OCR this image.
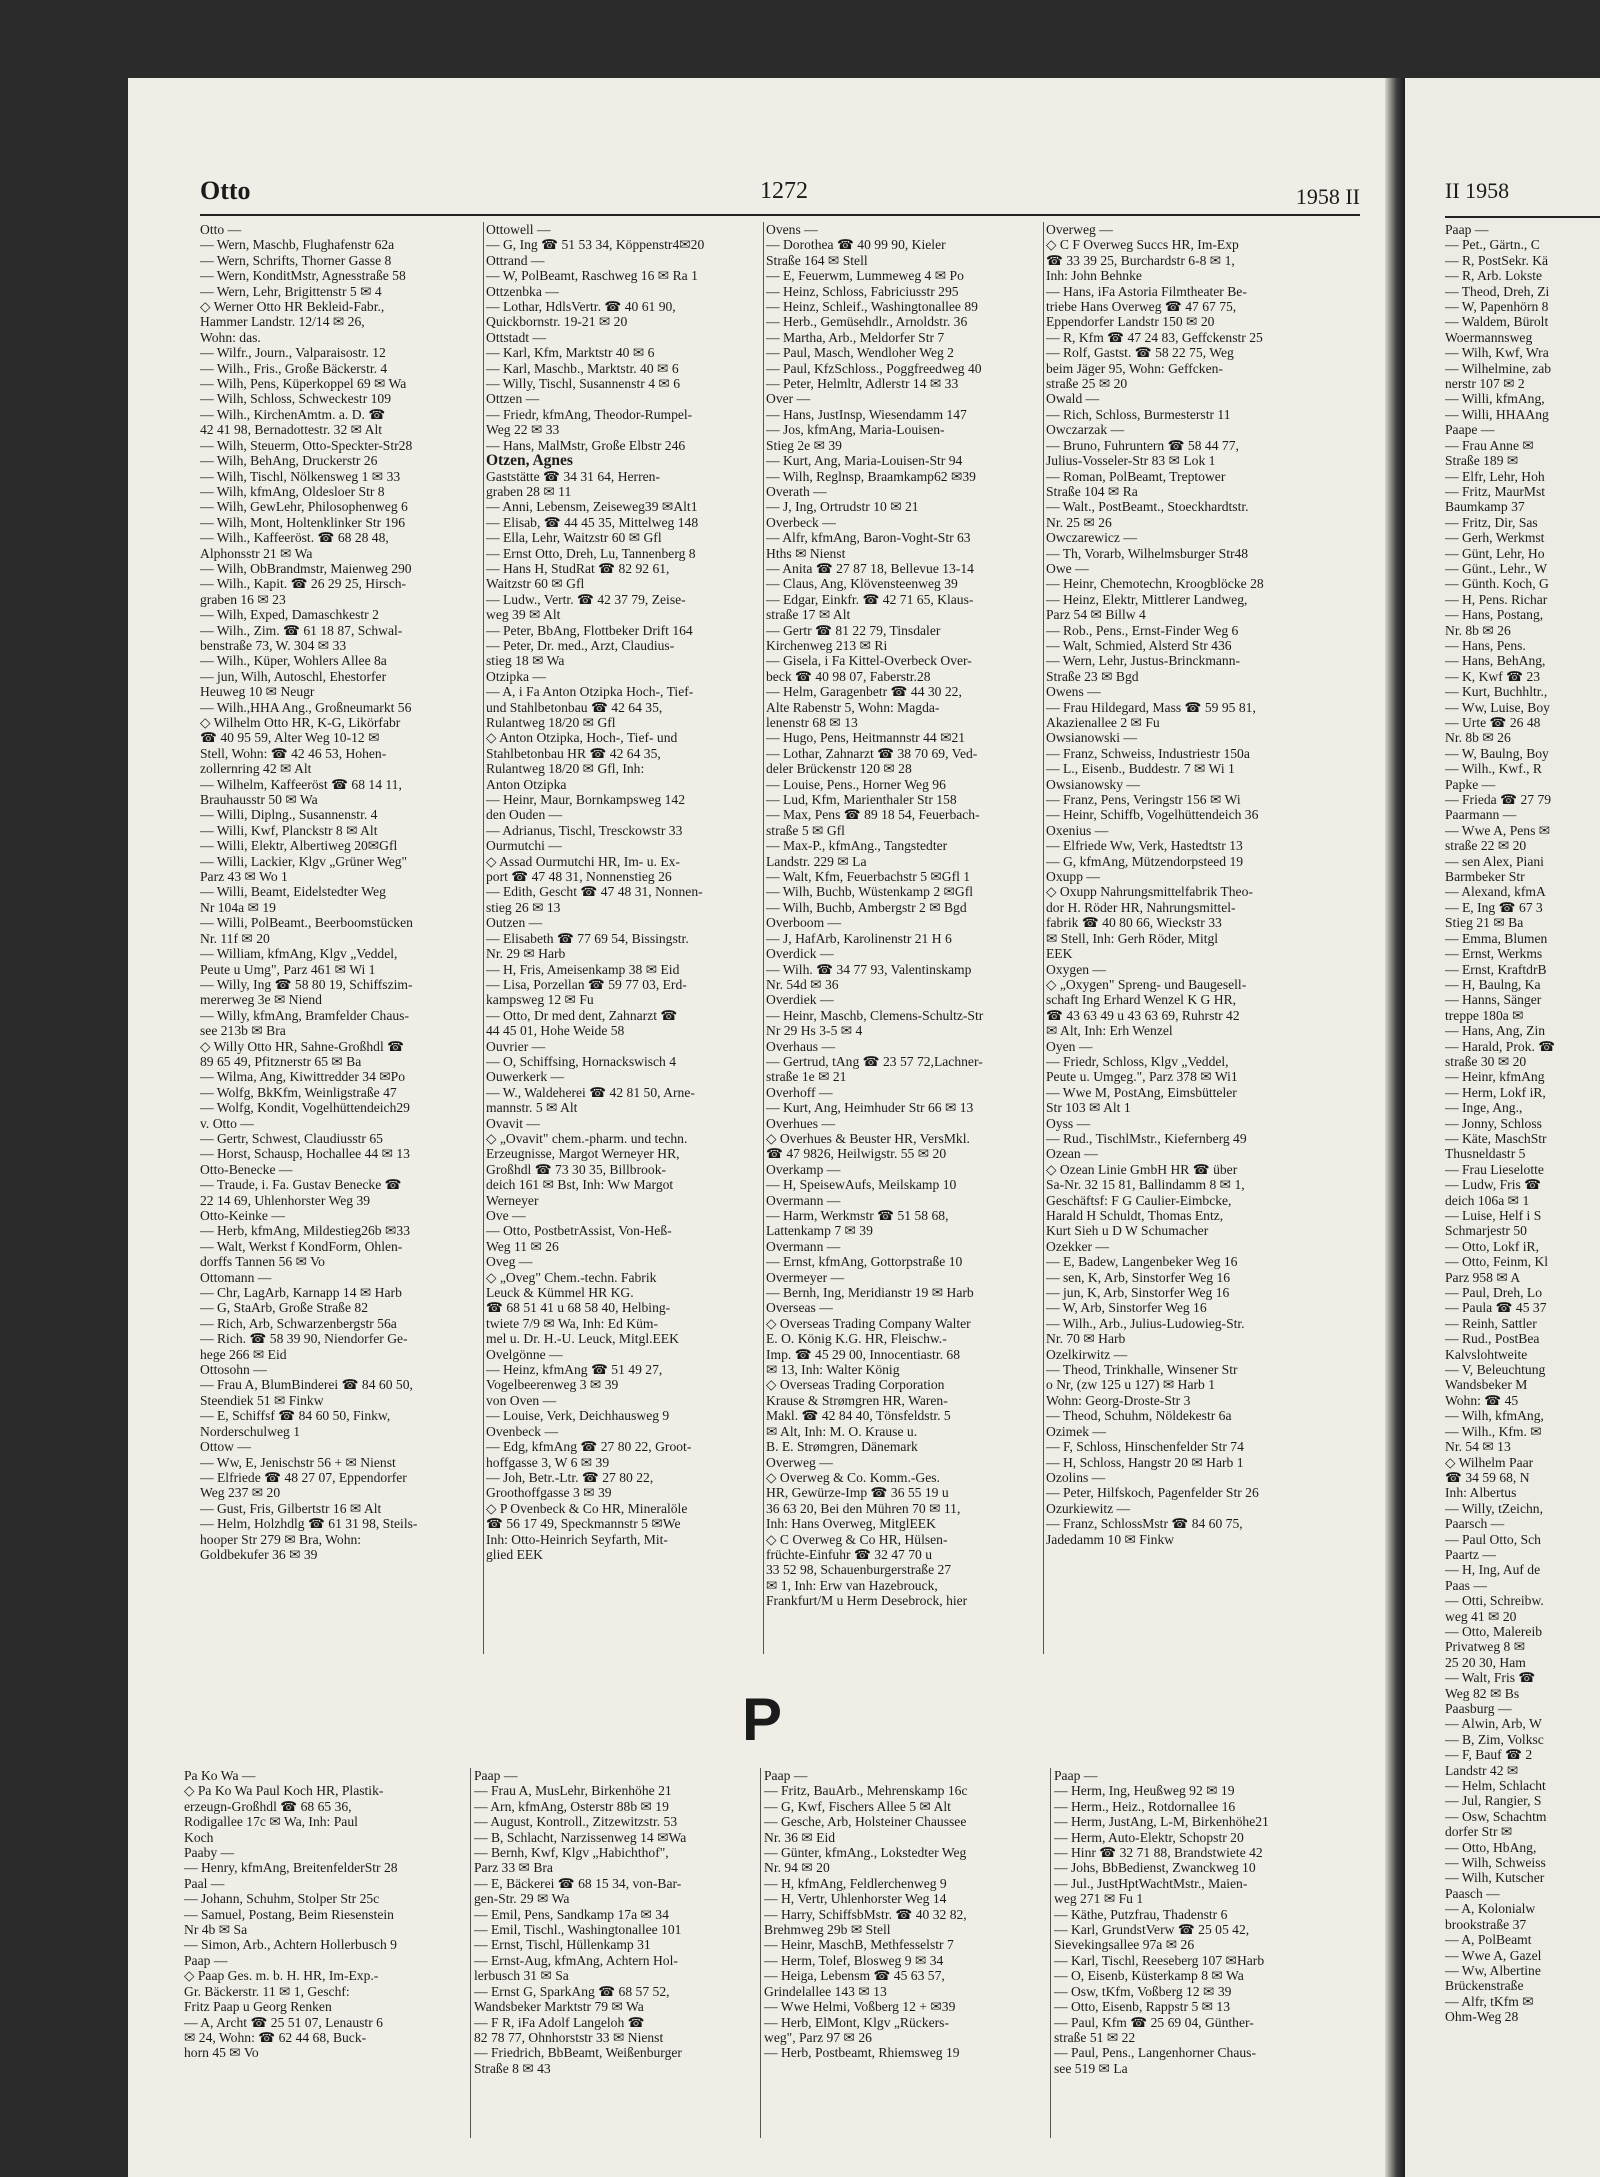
II 1958
Paap —
— Pet., Gärtn., C
— R, PostSekr. Kä
— R, Arb. Lokste
— Theod, Dreh, Zi
— W, Papenhörn 8
— Waldem, Bürolt
Woermannsweg
— Wilh, Kwf, Wra
— Wilhelmine, zab
nerstr 107 ✉ 2
— Willi, kfmAng,
— Willi, HHAAng
Paape —
— Frau Anne ✉
Straße 189 ✉
— Elfr, Lehr, Hoh
— Fritz, MaurMst
Baumkamp 37
— Fritz, Dir, Sas
— Gerh, Werkmst
— Günt, Lehr, Ho
— Günt., Lehr., W
— Günth. Koch, G
— H, Pens. Richar
— Hans, Postang,
Nr. 8b ✉ 26
— Hans, Pens.
— Hans, BehAng,
— K, Kwf ☎ 23
— Kurt, Buchhltr.,
— Ww, Luise, Boy
— Urte ☎ 26 48
Nr. 8b ✉ 26
— W, Baulng, Boy
— Wilh., Kwf., R
Papke —
— Frieda ☎ 27 79
Paarmann —
— Wwe A, Pens ✉
straße 22 ✉ 20
— sen Alex, Piani
Barmbeker Str
— Alexand, kfmA
— E, Ing ☎ 67 3
Stieg 21 ✉ Ba
— Emma, Blumen
— Ernst, Werkms
— Ernst, KraftdrB
— H, Baulng, Ka
— Hanns, Sänger
treppe 180a ✉
— Hans, Ang, Zin
— Harald, Prok. ☎
straße 30 ✉ 20
— Heinr, kfmAng
— Herm, Lokf iR,
— Inge, Ang.,
— Jonny, Schloss
— Käte, MaschStr
Thusneldastr 5
— Frau Lieselotte
— Ludw, Fris ☎
deich 106a ✉ 1
— Luise, Helf i S
Schmarjestr 50
— Otto, Lokf iR,
— Otto, Feinm, Kl
Parz 958 ✉ A
— Paul, Dreh, Lo
— Paula ☎ 45 37
— Reinh, Sattler
— Rud., PostBea
Kalvslohtweite
— V, Beleuchtung
Wandsbeker M
Wohn: ☎ 45
— Wilh, kfmAng,
— Wilh., Kfm. ✉
Nr. 54 ✉ 13
◇ Wilhelm Paar
☎ 34 59 68, N
Inh: Albertus
— Willy, tZeichn,
Paarsch —
— Paul Otto, Sch
Paartz —
— H, Ing, Auf de
Paas —
— Otti, Schreibw.
weg 41 ✉ 20
— Otto, Malereib
Privatweg 8 ✉
25 20 30, Ham
— Walt, Fris ☎
Weg 82 ✉ Bs
Paasburg —
— Alwin, Arb, W
— B, Zim, Volksc
— F, Bauf ☎ 2
Landstr 42 ✉
— Helm, Schlacht
— Jul, Rangier, S
— Osw, Schachtm
dorfer Str ✉
— Otto, HbAng,
— Wilh, Schweiss
— Wilh, Kutscher
Paasch —
— A, Kolonialw
brookstraße 37
— A, PolBeamt
— Wwe A, Gazel
— Ww, Albertine
Brückenstraße
— Alfr, tKfm ✉
Ohm-Weg 28
Otto	1272	1958 II
Otto —
— Wern, Maschb, Flughafenstr 62a
— Wern, Schrifts, Thorner Gasse 8
— Wern, KonditMstr, Agnesstraße 58
— Wern, Lehr, Brigittenstr 5 ✉ 4
◇ Werner Otto HR Bekleid-Fabr.,
Hammer Landstr. 12/14 ✉ 26,
Wohn: das.
— Wilfr., Journ., Valparaisostr. 12
— Wilh., Fris., Große Bäckerstr. 4
— Wilh, Pens, Küperkoppel 69 ✉ Wa
— Wilh, Schloss, Schweckestr 109
— Wilh., KirchenAmtm. a. D. ☎
42 41 98, Bernadottestr. 32 ✉ Alt
— Wilh, Steuerm, Otto-Speckter-Str28
— Wilh, BehAng, Druckerstr 26
— Wilh, Tischl, Nölkensweg 1 ✉ 33
— Wilh, kfmAng, Oldesloer Str 8
— Wilh, GewLehr, Philosophenweg 6
— Wilh, Mont, Holtenklinker Str 196
— Wilh., Kaffeeröst. ☎ 68 28 48,
Alphonsstr 21 ✉ Wa
— Wilh, ObBrandmstr, Maienweg 290
— Wilh., Kapit. ☎ 26 29 25, Hirsch-
graben 16 ✉ 23
— Wilh, Exped, Damaschkestr 2
— Wilh., Zim. ☎ 61 18 87, Schwal-
benstraße 73, W. 304 ✉ 33
— Wilh., Küper, Wohlers Allee 8a
— jun, Wilh, Autoschl, Ehestorfer
Heuweg 10 ✉ Neugr
— Wilh.,HHA Ang., Großneumarkt 56
◇ Wilhelm Otto HR, K-G, Likörfabr
☎ 40 95 59, Alter Weg 10-12 ✉
Stell, Wohn: ☎ 42 46 53, Hohen-
zollernring 42 ✉ Alt
— Wilhelm, Kaffeeröst ☎ 68 14 11,
Brauhausstr 50 ✉ Wa
— Willi, Diplng., Susannenstr. 4
— Willi, Kwf, Planckstr 8 ✉ Alt
— Willi, Elektr, Albertiweg 20✉Gfl
— Willi, Lackier, Klgv „Grüner Weg"
Parz 43 ✉ Wo 1
— Willi, Beamt, Eidelstedter Weg
Nr 104a ✉ 19
— Willi, PolBeamt., Beerboomstücken
Nr. 11f ✉ 20
— William, kfmAng, Klgv „Veddel,
Peute u Umg", Parz 461 ✉ Wi 1
— Willy, Ing ☎ 58 80 19, Schiffszim-
mererweg 3e ✉ Niend
— Willy, kfmAng, Bramfelder Chaus-
see 213b ✉ Bra
◇ Willy Otto HR, Sahne-Großhdl ☎
89 65 49, Pfitznerstr 65 ✉ Ba
— Wilma, Ang, Kiwittredder 34 ✉Po
— Wolfg, BkKfm, Weinligstraße 47
— Wolfg, Kondit, Vogelhüttendeich29
v. Otto —
— Gertr, Schwest, Claudiusstr 65
— Horst, Schausp, Hochallee 44 ✉ 13
Otto-Benecke —
— Traude, i. Fa. Gustav Benecke ☎
22 14 69, Uhlenhorster Weg 39
Otto-Keinke —
— Herb, kfmAng, Mildestieg26b ✉33
— Walt, Werkst f KondForm, Ohlen-
dorffs Tannen 56 ✉ Vo
Ottomann —
— Chr, LagArb, Karnapp 14 ✉ Harb
— G, StaArb, Große Straße 82
— Rich, Arb, Schwarzenbergstr 56a
— Rich. ☎ 58 39 90, Niendorfer Ge-
hege 266 ✉ Eid
Ottosohn —
— Frau A, BlumBinderei ☎ 84 60 50,
Steendiek 51 ✉ Finkw
— E, Schiffsf ☎ 84 60 50, Finkw,
Norderschulweg 1
Ottow —
— Ww, E, Jenischstr 56 + ✉ Nienst
— Elfriede ☎ 48 27 07, Eppendorfer
Weg 237 ✉ 20
— Gust, Fris, Gilbertstr 16 ✉ Alt
— Helm, Holzhdlg ☎ 61 31 98, Steils-
hooper Str 279 ✉ Bra, Wohn:
Goldbekufer 36 ✉ 39
Ottowell —
— G, Ing ☎ 51 53 34, Köppenstr4✉20
Ottrand —
— W, PolBeamt, Raschweg 16 ✉ Ra 1
Ottzenbka —
— Lothar, HdlsVertr. ☎ 40 61 90,
Quickbornstr. 19-21 ✉ 20
Ottstadt —
— Karl, Kfm, Marktstr 40 ✉ 6
— Karl, Maschb., Marktstr. 40 ✉ 6
— Willy, Tischl, Susannenstr 4 ✉ 6
Ottzen —
— Friedr, kfmAng, Theodor-Rumpel-
Weg 22 ✉ 33
— Hans, MalMstr, Große Elbstr 246
Otzen, Agnes
Gaststätte ☎ 34 31 64, Herren-
graben 28 ✉ 11
— Anni, Lebensm, Zeiseweg39 ✉Alt1
— Elisab, ☎ 44 45 35, Mittelweg 148
— Ella, Lehr, Waitzstr 60 ✉ Gfl
— Ernst Otto, Dreh, Lu, Tannenberg 8
— Hans H, StudRat ☎ 82 92 61,
Waitzstr 60 ✉ Gfl
— Ludw., Vertr. ☎ 42 37 79, Zeise-
weg 39 ✉ Alt
— Peter, BbAng, Flottbeker Drift 164
— Peter, Dr. med., Arzt, Claudius-
stieg 18 ✉ Wa
Otzipka —
— A, i Fa Anton Otzipka Hoch-, Tief-
und Stahlbetonbau ☎ 42 64 35,
Rulantweg 18/20 ✉ Gfl
◇ Anton Otzipka, Hoch-, Tief- und
Stahlbetonbau HR ☎ 42 64 35,
Rulantweg 18/20 ✉ Gfl, Inh:
Anton Otzipka
— Heinr, Maur, Bornkampsweg 142
den Ouden —
— Adrianus, Tischl, Tresckowstr 33
Ourmutchi —
◇ Assad Ourmutchi HR, Im- u. Ex-
port ☎ 47 48 31, Nonnenstieg 26
— Edith, Gescht ☎ 47 48 31, Nonnen-
stieg 26 ✉ 13
Outzen —
— Elisabeth ☎ 77 69 54, Bissingstr.
Nr. 29 ✉ Harb
— H, Fris, Ameisenkamp 38 ✉ Eid
— Lisa, Porzellan ☎ 59 77 03, Erd-
kampsweg 12 ✉ Fu
— Otto, Dr med dent, Zahnarzt ☎
44 45 01, Hohe Weide 58
Ouvrier —
— O, Schiffsing, Hornackswisch 4
Ouwerkerk —
— W., Waldeherei ☎ 42 81 50, Arne-
mannstr. 5 ✉ Alt
Ovavit —
◇ „Ovavit" chem.-pharm. und techn.
Erzeugnisse, Margot Werneyer HR,
Großhdl ☎ 73 30 35, Billbrook-
deich 161 ✉ Bst, Inh: Ww Margot
Werneyer
Ove —
— Otto, PostbetrAssist, Von-Heß-
Weg 11 ✉ 26
Oveg —
◇ „Oveg" Chem.-techn. Fabrik
Leuck & Kümmel HR KG.
☎ 68 51 41 u 68 58 40, Helbing-
twiete 7/9 ✉ Wa, Inh: Ed Küm-
mel u. Dr. H.-U. Leuck, Mitgl.EEK
Ovelgönne —
— Heinz, kfmAng ☎ 51 49 27,
Vogelbeerenweg 3 ✉ 39
von Oven —
— Louise, Verk, Deichhausweg 9
Ovenbeck —
— Edg, kfmAng ☎ 27 80 22, Groot-
hoffgasse 3, W 6 ✉ 39
— Joh, Betr.-Ltr. ☎ 27 80 22,
Groothoffgasse 3 ✉ 39
◇ P Ovenbeck & Co HR, Mineralöle
☎ 56 17 49, Speckmannstr 5 ✉We
Inh: Otto-Heinrich Seyfarth, Mit-
glied EEK
Ovens —
— Dorothea ☎ 40 99 90, Kieler
Straße 164 ✉ Stell
— E, Feuerwm, Lummeweg 4 ✉ Po
— Heinz, Schloss, Fabriciusstr 295
— Heinz, Schleif., Washingtonallee 89
— Herb., Gemüsehdlr., Arnoldstr. 36
— Martha, Arb., Meldorfer Str 7
— Paul, Masch, Wendloher Weg 2
— Paul, KfzSchloss., Poggfreedweg 40
— Peter, Helmltr, Adlerstr 14 ✉ 33
Over —
— Hans, JustInsp, Wiesendamm 147
— Jos, kfmAng, Maria-Louisen-
Stieg 2e ✉ 39
— Kurt, Ang, Maria-Louisen-Str 94
— Wilh, Reglnsp, Braamkamp62 ✉39
Overath —
— J, Ing, Ortrudstr 10 ✉ 21
Overbeck —
— Alfr, kfmAng, Baron-Voght-Str 63
Hths ✉ Nienst
— Anita ☎ 27 87 18, Bellevue 13-14
— Claus, Ang, Klövensteenweg 39
— Edgar, Einkfr. ☎ 42 71 65, Klaus-
straße 17 ✉ Alt
— Gertr ☎ 81 22 79, Tinsdaler
Kirchenweg 213 ✉ Ri
— Gisela, i Fa Kittel-Overbeck Over-
beck ☎ 40 98 07, Faberstr.28
— Helm, Garagenbetr ☎ 44 30 22,
Alte Rabenstr 5, Wohn: Magda-
lenenstr 68 ✉ 13
— Hugo, Pens, Heitmannstr 44 ✉21
— Lothar, Zahnarzt ☎ 38 70 69, Ved-
deler Brückenstr 120 ✉ 28
— Louise, Pens., Horner Weg 96
— Lud, Kfm, Marienthaler Str 158
— Max, Pens ☎ 89 18 54, Feuerbach-
straße 5 ✉ Gfl
— Max-P., kfmAng., Tangstedter
Landstr. 229 ✉ La
— Walt, Kfm, Feuerbachstr 5 ✉Gfl 1
— Wilh, Buchb, Wüstenkamp 2 ✉Gfl
— Wilh, Buchb, Ambergstr 2 ✉ Bgd
Overboom —
— J, HafArb, Karolinenstr 21 H 6
Overdick —
— Wilh. ☎ 34 77 93, Valentinskamp
Nr. 54d ✉ 36
Overdiek —
— Heinr, Maschb, Clemens-Schultz-Str
Nr 29 Hs 3-5 ✉ 4
Overhaus —
— Gertrud, tAng ☎ 23 57 72,Lachner-
straße 1e ✉ 21
Overhoff —
— Kurt, Ang, Heimhuder Str 66 ✉ 13
Overhues —
◇ Overhues & Beuster HR, VersMkl.
☎ 47 9826, Heilwigstr. 55 ✉ 20
Overkamp —
— H, SpeisewAufs, Meilskamp 10
Overmann —
— Harm, Werkmstr ☎ 51 58 68,
Lattenkamp 7 ✉ 39
Overmann —
— Ernst, kfmAng, Gottorpstraße 10
Overmeyer —
— Bernh, Ing, Meridianstr 19 ✉ Harb
Overseas —
◇ Overseas Trading Company Walter
E. O. König K.G. HR, Fleischw.-
Imp. ☎ 45 29 00, Innocentiastr. 68
✉ 13, Inh: Walter König
◇ Overseas Trading Corporation
Krause & Strømgren HR, Waren-
Makl. ☎ 42 84 40, Tönsfeldstr. 5
✉ Alt, Inh: M. O. Krause u.
B. E. Strømgren, Dänemark
Overweg —
◇ Overweg & Co. Komm.-Ges.
HR, Gewürze-Imp ☎ 36 55 19 u
36 63 20, Bei den Mühren 70 ✉ 11,
Inh: Hans Overweg, MitglEEK
◇ C Overweg & Co HR, Hülsen-
früchte-Einfuhr ☎ 32 47 70 u
33 52 98, Schauenburgerstraße 27
✉ 1, Inh: Erw van Hazebrouck,
Frankfurt/M u Herm Desebrock, hier
Overweg —
◇ C F Overweg Succs HR, Im-Exp
☎ 33 39 25, Burchardstr 6-8 ✉ 1,
Inh: John Behnke
— Hans, iFa Astoria Filmtheater Be-
triebe Hans Overweg ☎ 47 67 75,
Eppendorfer Landstr 150 ✉ 20
— R, Kfm ☎ 47 24 83, Geffckenstr 25
— Rolf, Gastst. ☎ 58 22 75, Weg
beim Jäger 95, Wohn: Geffcken-
straße 25 ✉ 20
Owald —
— Rich, Schloss, Burmesterstr 11
Owczarzak —
— Bruno, Fuhruntern ☎ 58 44 77,
Julius-Vosseler-Str 83 ✉ Lok 1
— Roman, PolBeamt, Treptower
Straße 104 ✉ Ra
— Walt., PostBeamt., Stoeckhardtstr.
Nr. 25 ✉ 26
Owczarewicz —
— Th, Vorarb, Wilhelmsburger Str48
Owe —
— Heinr, Chemotechn, Kroogblöcke 28
— Heinz, Elektr, Mittlerer Landweg,
Parz 54 ✉ Billw 4
— Rob., Pens., Ernst-Finder Weg 6
— Walt, Schmied, Alsterd Str 436
— Wern, Lehr, Justus-Brinckmann-
Straße 23 ✉ Bgd
Owens —
— Frau Hildegard, Mass ☎ 59 95 81,
Akazienallee 2 ✉ Fu
Owsianowski —
— Franz, Schweiss, Industriestr 150a
— L., Eisenb., Buddestr. 7 ✉ Wi 1
Owsianowsky —
— Franz, Pens, Veringstr 156 ✉ Wi
— Heinr, Schiffb, Vogelhüttendeich 36
Oxenius —
— Elfriede Ww, Verk, Hastedtstr 13
— G, kfmAng, Mützendorpsteed 19
Oxupp —
◇ Oxupp Nahrungsmittelfabrik Theo-
dor H. Röder HR, Nahrungsmittel-
fabrik ☎ 40 80 66, Wieckstr 33
✉ Stell, Inh: Gerh Röder, Mitgl
EEK
Oxygen —
◇ „Oxygen" Spreng- und Baugesell-
schaft Ing Erhard Wenzel K G HR,
☎ 43 63 49 u 43 63 69, Ruhrstr 42
✉ Alt, Inh: Erh Wenzel
Oyen —
— Friedr, Schloss, Klgv „Veddel,
Peute u. Umgeg.", Parz 378 ✉ Wi1
— Wwe M, PostAng, Eimsbütteler
Str 103 ✉ Alt 1
Oyss —
— Rud., TischlMstr., Kiefernberg 49
Ozean —
◇ Ozean Linie GmbH HR ☎ über
Sa-Nr. 32 15 81, Ballindamm 8 ✉ 1,
Geschäftsf: F G Caulier-Eimbcke,
Harald H Schuldt, Thomas Entz,
Kurt Sieh u D W Schumacher
Ozekker —
— E, Badew, Langenbeker Weg 16
— sen, K, Arb, Sinstorfer Weg 16
— jun, K, Arb, Sinstorfer Weg 16
— W, Arb, Sinstorfer Weg 16
— Wilh., Arb., Julius-Ludowieg-Str.
Nr. 70 ✉ Harb
Ozelkirwitz —
— Theod, Trinkhalle, Winsener Str
o Nr, (zw 125 u 127) ✉ Harb 1
Wohn: Georg-Droste-Str 3
— Theod, Schuhm, Nöldekestr 6a
Ozimek —
— F, Schloss, Hinschenfelder Str 74
— H, Schloss, Hangstr 20 ✉ Harb 1
Ozolins —
— Peter, Hilfskoch, Pagenfelder Str 26
Ozurkiewitz —
— Franz, SchlossMstr ☎ 84 60 75,
Jadedamm 10 ✉ Finkw
P
Pa Ko Wa —
◇ Pa Ko Wa Paul Koch HR, Plastik-
erzeugn-Großhdl ☎ 68 65 36,
Rodigallee 17c ✉ Wa, Inh: Paul
Koch
Paaby —
— Henry, kfmAng, BreitenfelderStr 28
Paal —
— Johann, Schuhm, Stolper Str 25c
— Samuel, Postang, Beim Riesenstein
Nr 4b ✉ Sa
— Simon, Arb., Achtern Hollerbusch 9
Paap —
◇ Paap Ges. m. b. H. HR, Im-Exp.-
Gr. Bäckerstr. 11 ✉ 1, Geschf:
Fritz Paap u Georg Renken
— A, Archt ☎ 25 51 07, Lenaustr 6
✉ 24, Wohn: ☎ 62 44 68, Buck-
horn 45 ✉ Vo
Paap —
— Frau A, MusLehr, Birkenhöhe 21
— Arn, kfmAng, Osterstr 88b ✉ 19
— August, Kontroll., Zitzewitzstr. 53
— B, Schlacht, Narzissenweg 14 ✉Wa
— Bernh, Kwf, Klgv „Habichthof",
Parz 33 ✉ Bra
— E, Bäckerei ☎ 68 15 34, von-Bar-
gen-Str. 29 ✉ Wa
— Emil, Pens, Sandkamp 17a ✉ 34
— Emil, Tischl., Washingtonallee 101
— Ernst, Tischl, Hüllenkamp 31
— Ernst-Aug, kfmAng, Achtern Hol-
lerbusch 31 ✉ Sa
— Ernst G, SparkAng ☎ 68 57 52,
Wandsbeker Marktstr 79 ✉ Wa
— F R, iFa Adolf Langeloh ☎
82 78 77, Ohnhorststr 33 ✉ Nienst
— Friedrich, BbBeamt, Weißenburger
Straße 8 ✉ 43
Paap —
— Fritz, BauArb., Mehrenskamp 16c
— G, Kwf, Fischers Allee 5 ✉ Alt
— Gesche, Arb, Holsteiner Chaussee
Nr. 36 ✉ Eid
— Günter, kfmAng., Lokstedter Weg
Nr. 94 ✉ 20
— H, kfmAng, Feldlerchenweg 9
— H, Vertr, Uhlenhorster Weg 14
— Harry, SchiffsbMstr. ☎ 40 32 82,
Brehmweg 29b ✉ Stell
— Heinr, MaschB, Methfesselstr 7
— Herm, Tolef, Blosweg 9 ✉ 34
— Heiga, Lebensm ☎ 45 63 57,
Grindelallee 143 ✉ 13
— Wwe Helmi, Voßberg 12 + ✉39
— Herb, ElMont, Klgv „Rückers-
weg", Parz 97 ✉ 26
— Herb, Postbeamt, Rhiemsweg 19
Paap —
— Herm, Ing, Heußweg 92 ✉ 19
— Herm., Heiz., Rotdornallee 16
— Herm, JustAng, L-M, Birkenhöhe21
— Herm, Auto-Elektr, Schopstr 20
— Hinr ☎ 32 71 88, Brandstwiete 42
— Johs, BbBedienst, Zwanckweg 10
— Jul., JustHptWachtMstr., Maien-
weg 271 ✉ Fu 1
— Käthe, Putzfrau, Thadenstr 6
— Karl, GrundstVerw ☎ 25 05 42,
Sievekingsallee 97a ✉ 26
— Karl, Tischl, Reeseberg 107 ✉Harb
— O, Eisenb, Küsterkamp 8 ✉ Wa
— Osw, tKfm, Voßberg 12 ✉ 39
— Otto, Eisenb, Rappstr 5 ✉ 13
— Paul, Kfm ☎ 25 69 04, Günther-
straße 51 ✉ 22
— Paul, Pens., Langenhorner Chaus-
see 519 ✉ La
